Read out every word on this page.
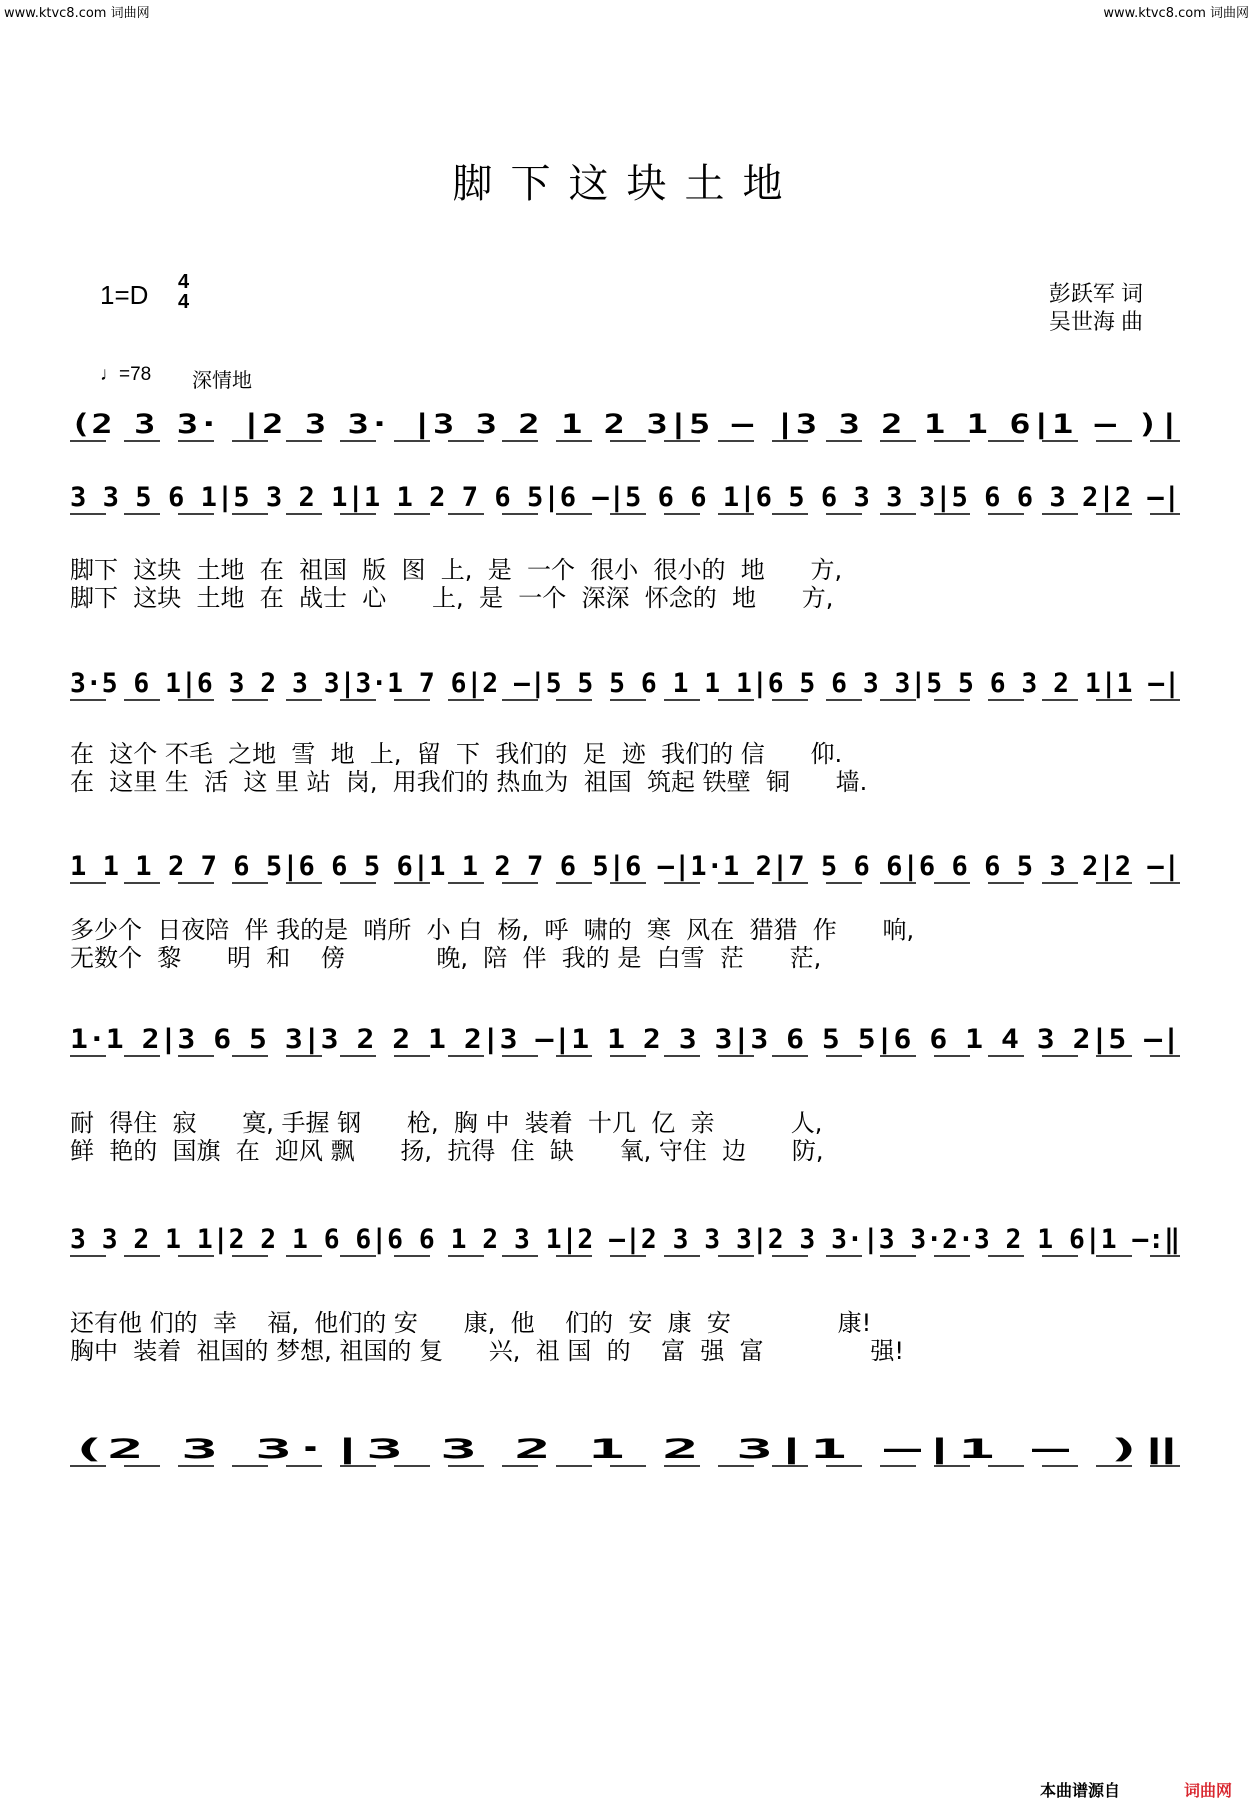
www.ktvc8.com 词曲网	www.ktvc8.com 词曲网
脚下这块土地
1=D 4
4	彭跃军 词
吴世海 曲
♩=78 深情地
(2 3 3· |2 3 3· |3 3 2 1 2 3|5 – |3 3 2 1 1 6|1 – )|
3 3 5 6 1|5 3 2 1|1 1 2 7 6 5|6 –|5 6 6 1|6 5 6 3 3 3|5 6 6 3 2|2 –|
3·5 6 1|6 3 2 3 3|3·1 7 6|2 –|5 5 5 6 1 1 1|6 5 6 3 3|5 5 6 3 2 1|1 –|
1 1 1 2 7 6 5|6 6 5 6|1 1 2 7 6 5|6 –|1·1 2|7 5 6 6|6 6 6 5 3 2|2 –|
1·1 2|3 6 5 3|3 2 2 1 2|3 –|1 1 2 3 3|3 6 5 5|6 6 1 4 3 2|5 –|
3 3 2 1 1|2 2 1 6 6|6 6 1 2 3 1|2 –|2 3 3 3|2 3 3·|3 3·2·3 2 1 6|1 –:‖
(2 3 3·|3 3 2 1 2 3|1 –|1 – )‖
脚下  这块  土地  在  祖国  版  图  上,  是  一个  很小  很小的  地      方,
脚下  这块  土地  在  战士  心      上,  是  一个  深深  怀念的  地      方,
在  这个 不毛  之地  雪  地  上,  留  下  我们的  足  迹  我们的 信      仰.
在  这里 生  活  这 里 站  岗,  用我们的 热血为  祖国  筑起 铁壁  铜      墙.
多少个  日夜陪  伴 我的是  哨所  小 白  杨,  呼  啸的  寒  风在  猎猎  作      响,
无数个  黎      明  和    傍            晚,  陪  伴  我的 是  白雪  茫      茫,
耐  得住  寂      寞, 手握 钢      枪,  胸 中  装着  十几  亿  亲          人,
鲜  艳的  国旗  在  迎风 飘      扬,  抗得  住  缺      氧, 守住  边      防,
还有他 们的  幸    福,  他们的 安      康,  他    们的  安  康  安              康!
胸中  装着  祖国的 梦想, 祖国的 复      兴,  祖 国  的    富  强  富              强!
本曲谱源自	词曲网
